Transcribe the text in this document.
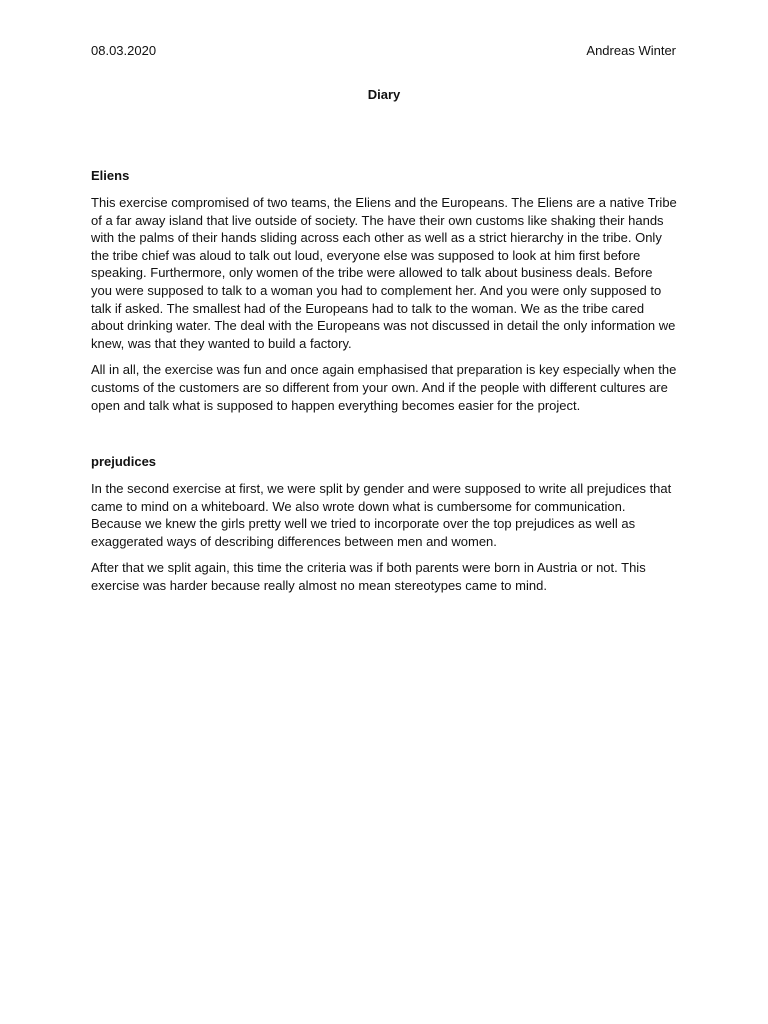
08.03.2020	Andreas Winter
Diary
Eliens

This exercise compromised of two teams, the Eliens and the Europeans. The Eliens are a native Tribe of a far away island that live outside of society. The have their own customs like shaking their hands with the palms of their hands sliding across each other as well as a strict hierarchy in the tribe. Only the tribe chief was aloud to talk out loud, everyone else was supposed to look at him first before speaking. Furthermore, only women of the tribe were allowed to talk about business deals. Before you were supposed to talk to a woman you had to complement her. And you were only supposed to talk if asked. The smallest had of the Europeans had to talk to the woman. We as the tribe cared about drinking water. The deal with the Europeans was not discussed in detail the only information we knew, was that they wanted to build a factory.

All in all, the exercise was fun and once again emphasised that preparation is key especially when the customs of the customers are so different from your own. And if the people with different cultures are open and talk what is supposed to happen everything becomes easier for the project.

prejudices

In the second exercise at first, we were split by gender and were supposed to write all prejudices that came to mind on a whiteboard. We also wrote down what is cumbersome for communication. Because we knew the girls pretty well we tried to incorporate over the top prejudices as well as exaggerated ways of describing differences between men and women.

After that we split again, this time the criteria was if both parents were born in Austria or not. This exercise was harder because really almost no mean stereotypes came to mind.
